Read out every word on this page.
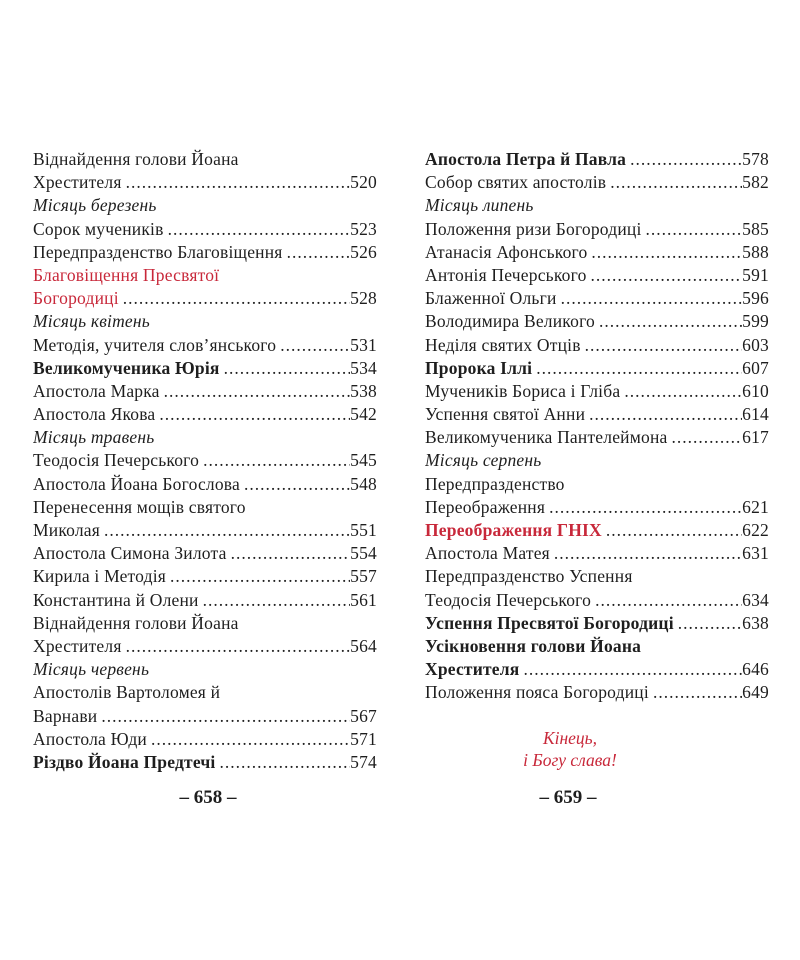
Віднайдення голови Йоана
Хрестителя .....	520
Місяць березень
Сорок мучеників .....	523
Передпразденство Благовіщення .....	526
Благовіщення Пресвятої
Богородиці .....	528
Місяць квітень
Методія, учителя слов’янського .....	531
Великомученика Юрія .....	534
Апостола Марка .....	538
Апостола Якова .....	542
Місяць травень
Теодосія Печерського .....	545
Апостола Йоана Богослова .....	548
Перенесення мощів святого
Миколая .....	551
Апостола Симона Зилота .....	554
Кирила і Методія .....	557
Константина й Олени .....	561
Віднайдення голови Йоана
Хрестителя .....	564
Місяць червень
Апостолів Вартоломея й
Варнави .....	567
Апостола Юди .....	571
Різдво Йоана Предтечі .....	574
Апостола Петра й Павла .....	578
Собор святих апостолів .....	582
Місяць липень
Положення ризи Богородиці .....	585
Атанасія Афонського .....	588
Антонія Печерського .....	591
Блаженної Ольги .....	596
Володимира Великого .....	599
Неділя святих Отців .....	603
Пророка Іллі .....	607
Мучеників Бориса і Гліба .....	610
Успення святої Анни .....	614
Великомученика Пантелеймона .....	617
Місяць серпень
Передпразденство
Переображення .....	621
Переображення ГНІХ .....	622
Апостола Матея .....	631
Передпразденство Успення
Теодосія Печерського .....	634
Успення Пресвятої Богородиці .....	638
Усікновення голови Йоана
Хрестителя .....	646
Положення пояса Богородиці .....	649
Кінець,
і Богу слава!
– 658 –	– 659 –
